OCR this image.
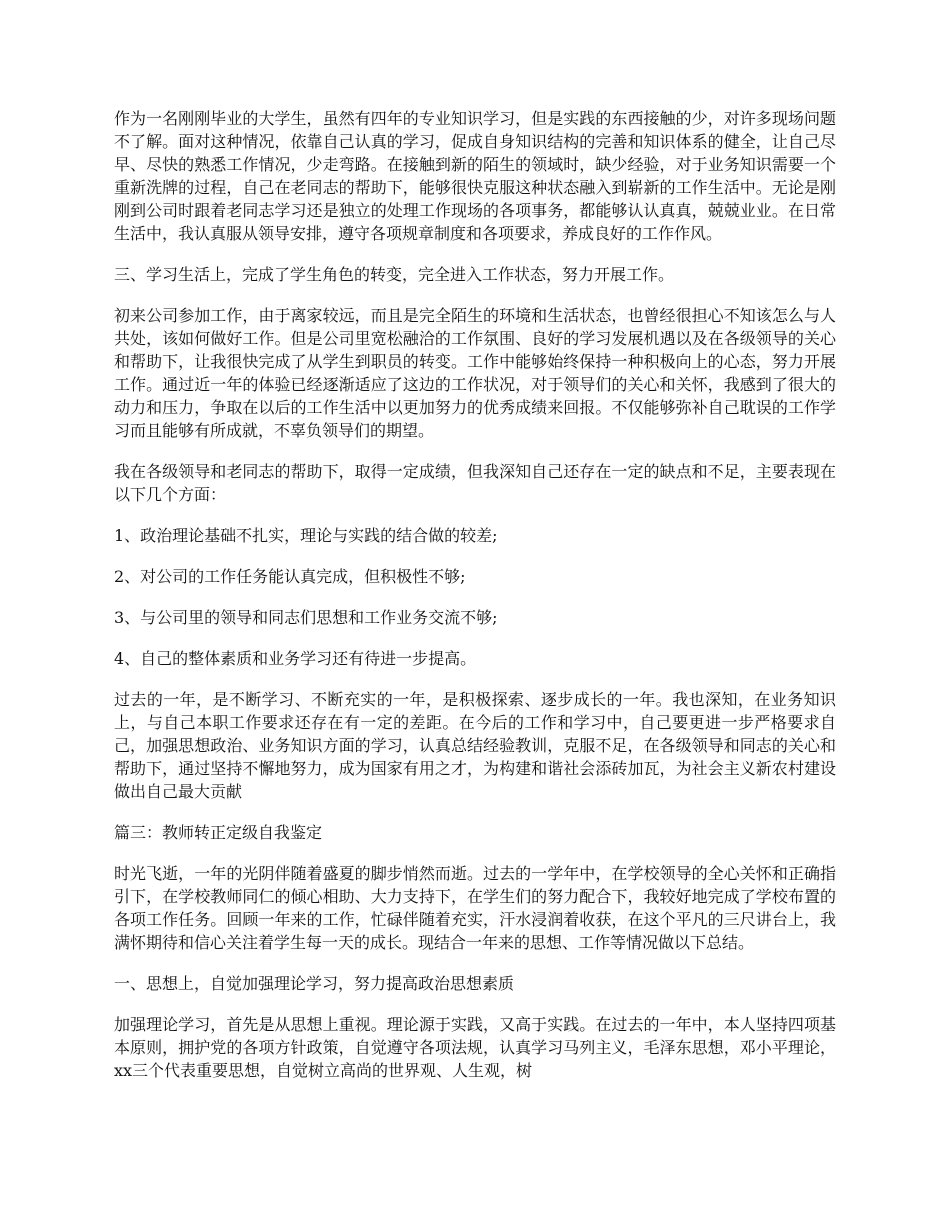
作为一名刚刚毕业的大学生，虽然有四年的专业知识学习，但是实践的东西接触的少，对许多现场问题不了解。面对这种情况，依靠自己认真的学习，促成自身知识结构的完善和知识体系的健全，让自己尽早、尽快的熟悉工作情况，少走弯路。在接触到新的陌生的领域时，缺少经验，对于业务知识需要一个重新洗牌的过程，自己在老同志的帮助下，能够很快克服这种状态融入到崭新的工作生活中。无论是刚刚到公司时跟着老同志学习还是独立的处理工作现场的各项事务，都能够认认真真，兢兢业业。在日常生活中，我认真服从领导安排，遵守各项规章制度和各项要求，养成良好的工作作风。

三、学习生活上，完成了学生角色的转变，完全进入工作状态，努力开展工作。

初来公司参加工作，由于离家较远，而且是完全陌生的环境和生活状态，也曾经很担心不知该怎么与人共处，该如何做好工作。但是公司里宽松融洽的工作氛围、良好的学习发展机遇以及在各级领导的关心和帮助下，让我很快完成了从学生到职员的转变。工作中能够始终保持一种积极向上的心态，努力开展工作。通过近一年的体验已经逐渐适应了这边的工作状况，对于领导们的关心和关怀，我感到了很大的动力和压力，争取在以后的工作生活中以更加努力的优秀成绩来回报。不仅能够弥补自己耽误的工作学习而且能够有所成就，不辜负领导们的期望。

我在各级领导和老同志的帮助下，取得一定成绩，但我深知自己还存在一定的缺点和不足，主要表现在以下几个方面：

1、政治理论基础不扎实，理论与实践的结合做的较差;

2、对公司的工作任务能认真完成，但积极性不够;

3、与公司里的领导和同志们思想和工作业务交流不够;

4、自己的整体素质和业务学习还有待进一步提高。

过去的一年，是不断学习、不断充实的一年，是积极探索、逐步成长的一年。我也深知，在业务知识上，与自己本职工作要求还存在有一定的差距。在今后的工作和学习中，自己要更进一步严格要求自己，加强思想政治、业务知识方面的学习，认真总结经验教训，克服不足，在各级领导和同志的关心和帮助下，通过坚持不懈地努力，成为国家有用之才，为构建和谐社会添砖加瓦，为社会主义新农村建设做出自己最大贡献

篇三：教师转正定级自我鉴定

时光飞逝，一年的光阴伴随着盛夏的脚步悄然而逝。过去的一学年中，在学校领导的全心关怀和正确指引下，在学校教师同仁的倾心相助、大力支持下，在学生们的努力配合下，我较好地完成了学校布置的各项工作任务。回顾一年来的工作，忙碌伴随着充实，汗水浸润着收获，在这个平凡的三尺讲台上，我满怀期待和信心关注着学生每一天的成长。现结合一年来的思想、工作等情况做以下总结。

一、思想上，自觉加强理论学习，努力提高政治思想素质

加强理论学习，首先是从思想上重视。理论源于实践，又高于实践。在过去的一年中，本人坚持四项基本原则，拥护党的各项方针政策，自觉遵守各项法规，认真学习马列主义，毛泽东思想，邓小平理论，xx三个代表重要思想，自觉树立高尚的世界观、人生观，树
